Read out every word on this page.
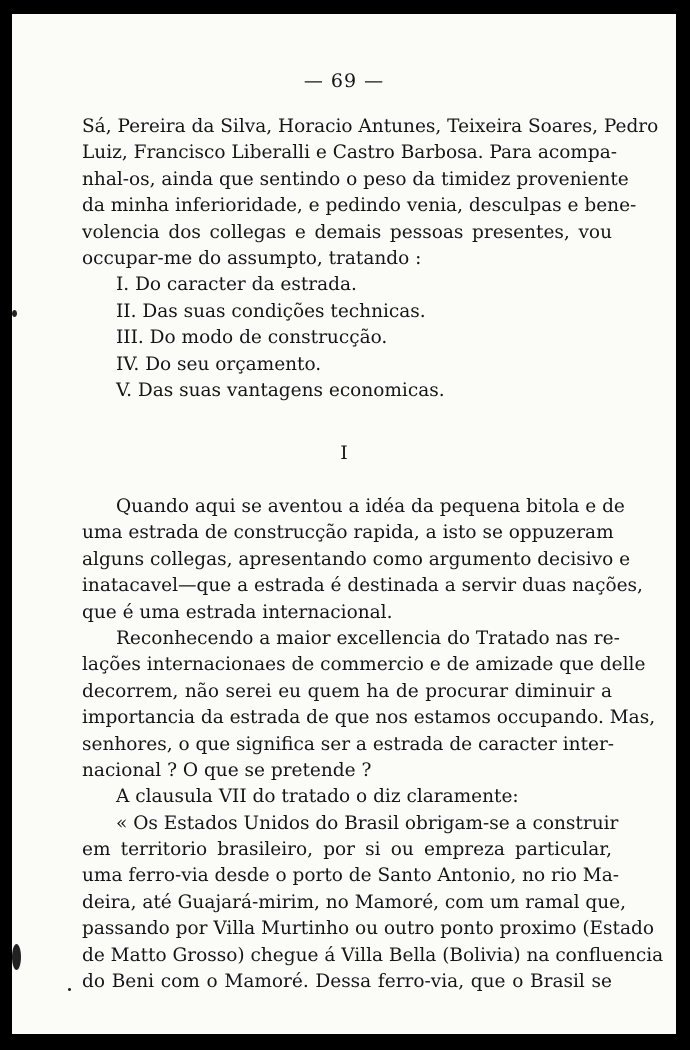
— 69 —
Sá, Pereira da Silva, Horacio Antunes, Teixeira Soares, Pedro
Luiz, Francisco Liberalli e Castro Barbosa. Para acompa-
nhal-os, ainda que sentindo o peso da timidez proveniente
da minha inferioridade, e pedindo venia, desculpas e bene-
volencia dos collegas e demais pessoas presentes, vou
occupar-me do assumpto, tratando :
I. Do caracter da estrada.
II. Das suas condições technicas.
III. Do modo de construcção.
IV. Do seu orçamento.
V. Das suas vantagens economicas.
I
Quando aqui se aventou a idéa da pequena bitola e de
uma estrada de construcção rapida, a isto se oppuzeram
alguns collegas, apresentando como argumento decisivo e
inatacavel—que a estrada é destinada a servir duas nações,
que é uma estrada internacional.
Reconhecendo a maior excellencia do Tratado nas re-
lações internacionaes de commercio e de amizade que delle
decorrem, não serei eu quem ha de procurar diminuir a
importancia da estrada de que nos estamos occupando. Mas,
senhores, o que significa ser a estrada de caracter inter-
nacional ? O que se pretende ?
A clausula VII do tratado o diz claramente:
« Os Estados Unidos do Brasil obrigam-se a construir
em territorio brasileiro, por si ou empreza particular,
uma ferro-via desde o porto de Santo Antonio, no rio Ma-
deira, até Guajará-mirim, no Mamoré, com um ramal que,
passando por Villa Murtinho ou outro ponto proximo (Estado
de Matto Grosso) chegue á Villa Bella (Bolivia) na confluencia
do Beni com o Mamoré. Dessa ferro-via, que o Brasil se
